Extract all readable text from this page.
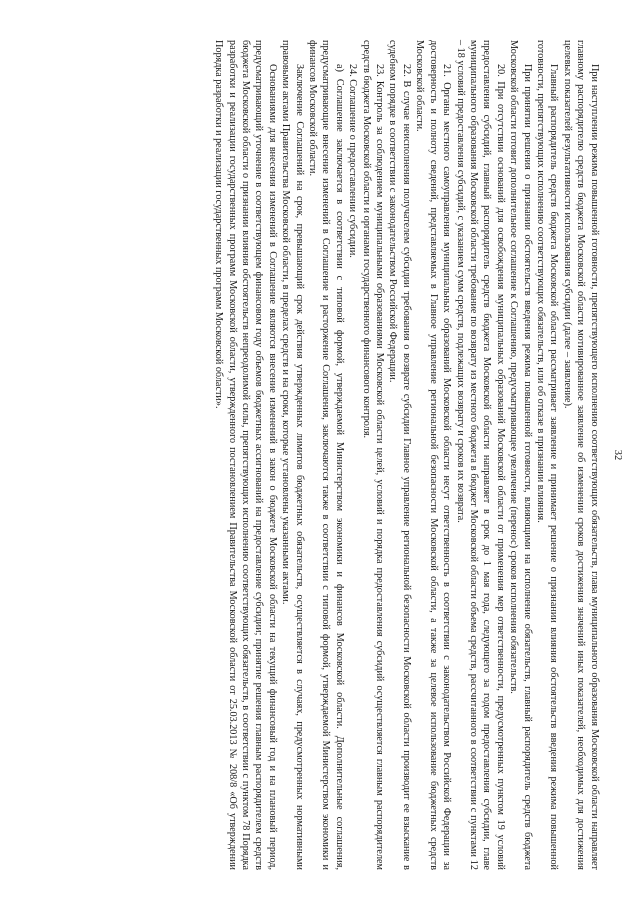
32

При наступлении режима повышенной готовности, препятствующего исполнению соответствующих обязательств, глава муниципального образования Московской области направляет главному распорядителю средств бюджета Московской области мотивированное заявление об изменении сроков достижения значений иных показателей, необходимых для достижения целевых показателей результативности использования субсидии (далее – заявление).

Главный распорядитель средств бюджета Московской области рассматривает заявление и принимает решение о признании влияния обстоятельств введения режима повышенной готовности, препятствующих исполнению соответствующих обязательств, или об отказе в признании влияния.

При принятии решения о признании обстоятельств введения режима повышенной готовности, влияющими на исполнение обязательств, главный распорядитель средств бюджета Московской области готовит дополнительное соглашение к Соглашению, предусматривающее увеличение (перенос) сроков исполнения обязательств.

20. При отсутствии оснований для освобождения муниципальных образований Московской области от применения мер ответственности, предусмотренных пунктом 19 условий предоставления субсидий, главный распорядитель средств бюджета Московской области направляет в срок до 1 мая года, следующего за годом предоставления субсидии, главе муниципального образования Московской области требование по возврату из местного бюджета в бюджет Московской области объема средств, рассчитанного в соответствии с пунктами 12 – 18 условий предоставления субсидий, с указанием сумм средств, подлежащих возврату и сроков их возврата.

21. Органы местного самоуправления муниципальных образований Московской области несут ответственность в соответствии с законодательством Российской Федерации за достоверность и полноту сведений, представляемых в Главное управление региональной безопасности Московской области, а также за целевое использование бюджетных средств Московской области.

22. В случае неисполнения получателем субсидии требования о возврате субсидии Главное управление региональной безопасности Московской области производит ее взыскание в судебном порядке в соответствии с законодательством Российской Федерации.

23. Контроль за соблюдением муниципальными образованиями Московской области целей, условий и порядка предоставления субсидий осуществляется главным распорядителем средств бюджета Московской области и органами государственного финансового контроля.

24. Соглашение о предоставлении субсидии.

а) Соглашение заключается в соответствии с типовой формой, утверждаемой Министерством экономики и финансов Московской области. Дополнительные соглашения, предусматривающие внесение изменений в Соглашение и расторжение Соглашения, заключаются также в соответствии с типовой формой, утверждаемой Министерством экономики и финансов Московской области.

Заключение Соглашений на срок, превышающий срок действия утвержденных лимитов бюджетных обязательств, осуществляется в случаях, предусмотренных нормативными правовыми актами Правительства Московской области, в пределах средств и на сроки, которые установлены указанными актами.

Основаниями для внесения изменений в Соглашение являются внесение изменений в закон о бюджете Московской области на текущий финансовый год и на плановый период, предусматривающий уточнение в соответствующем финансовом году объемов бюджетных ассигнований на предоставление субсидии; принятие решения главным распорядителем средств бюджета Московской области о признании влияния обстоятельств непреодолимой силы, препятствующих исполнению соответствующих обязательств, в соответствии с пунктом 78 Порядка разработки и реализации государственных программ Московской области, утвержденного постановлением Правительства Московской области от 25.03.2013 № 208/8 «Об утверждении Порядка разработки и реализации государственных программ Московской области».
